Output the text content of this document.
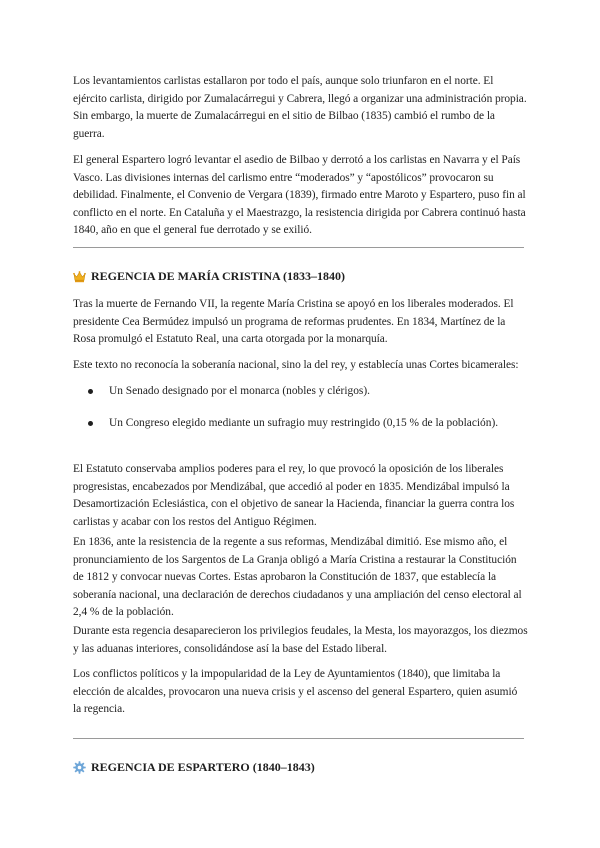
Los levantamientos carlistas estallaron por todo el país, aunque solo triunfaron en el norte. El ejército carlista, dirigido por Zumalacárregui y Cabrera, llegó a organizar una administración propia. Sin embargo, la muerte de Zumalacárregui en el sitio de Bilbao (1835) cambió el rumbo de la guerra.

El general Espartero logró levantar el asedio de Bilbao y derrotó a los carlistas en Navarra y el País Vasco. Las divisiones internas del carlismo entre “moderados” y “apostólicos” provocaron su debilidad. Finalmente, el Convenio de Vergara (1839), firmado entre Maroto y Espartero, puso fin al conflicto en el norte. En Cataluña y el Maestrazgo, la resistencia dirigida por Cabrera continuó hasta 1840, año en que el general fue derrotado y se exilió.

REGENCIA DE MARÍA CRISTINA (1833–1840)

Tras la muerte de Fernando VII, la regente María Cristina se apoyó en los liberales moderados. El presidente Cea Bermúdez impulsó un programa de reformas prudentes. En 1834, Martínez de la Rosa promulgó el Estatuto Real, una carta otorgada por la monarquía.

Este texto no reconocía la soberanía nacional, sino la del rey, y establecía unas Cortes bicamerales:

Un Senado designado por el monarca (nobles y clérigos).
Un Congreso elegido mediante un sufragio muy restringido (0,15 % de la población).

El Estatuto conservaba amplios poderes para el rey, lo que provocó la oposición de los liberales progresistas, encabezados por Mendizábal, que accedió al poder en 1835. Mendizábal impulsó la Desamortización Eclesiástica, con el objetivo de sanear la Hacienda, financiar la guerra contra los carlistas y acabar con los restos del Antiguo Régimen.

En 1836, ante la resistencia de la regente a sus reformas, Mendizábal dimitió. Ese mismo año, el pronunciamiento de los Sargentos de La Granja obligó a María Cristina a restaurar la Constitución de 1812 y convocar nuevas Cortes. Estas aprobaron la Constitución de 1837, que establecía la soberanía nacional, una declaración de derechos ciudadanos y una ampliación del censo electoral al 2,4 % de la población.

Durante esta regencia desaparecieron los privilegios feudales, la Mesta, los mayorazgos, los diezmos y las aduanas interiores, consolidándose así la base del Estado liberal.

Los conflictos políticos y la impopularidad de la Ley de Ayuntamientos (1840), que limitaba la elección de alcaldes, provocaron una nueva crisis y el ascenso del general Espartero, quien asumió la regencia.

REGENCIA DE ESPARTERO (1840–1843)
